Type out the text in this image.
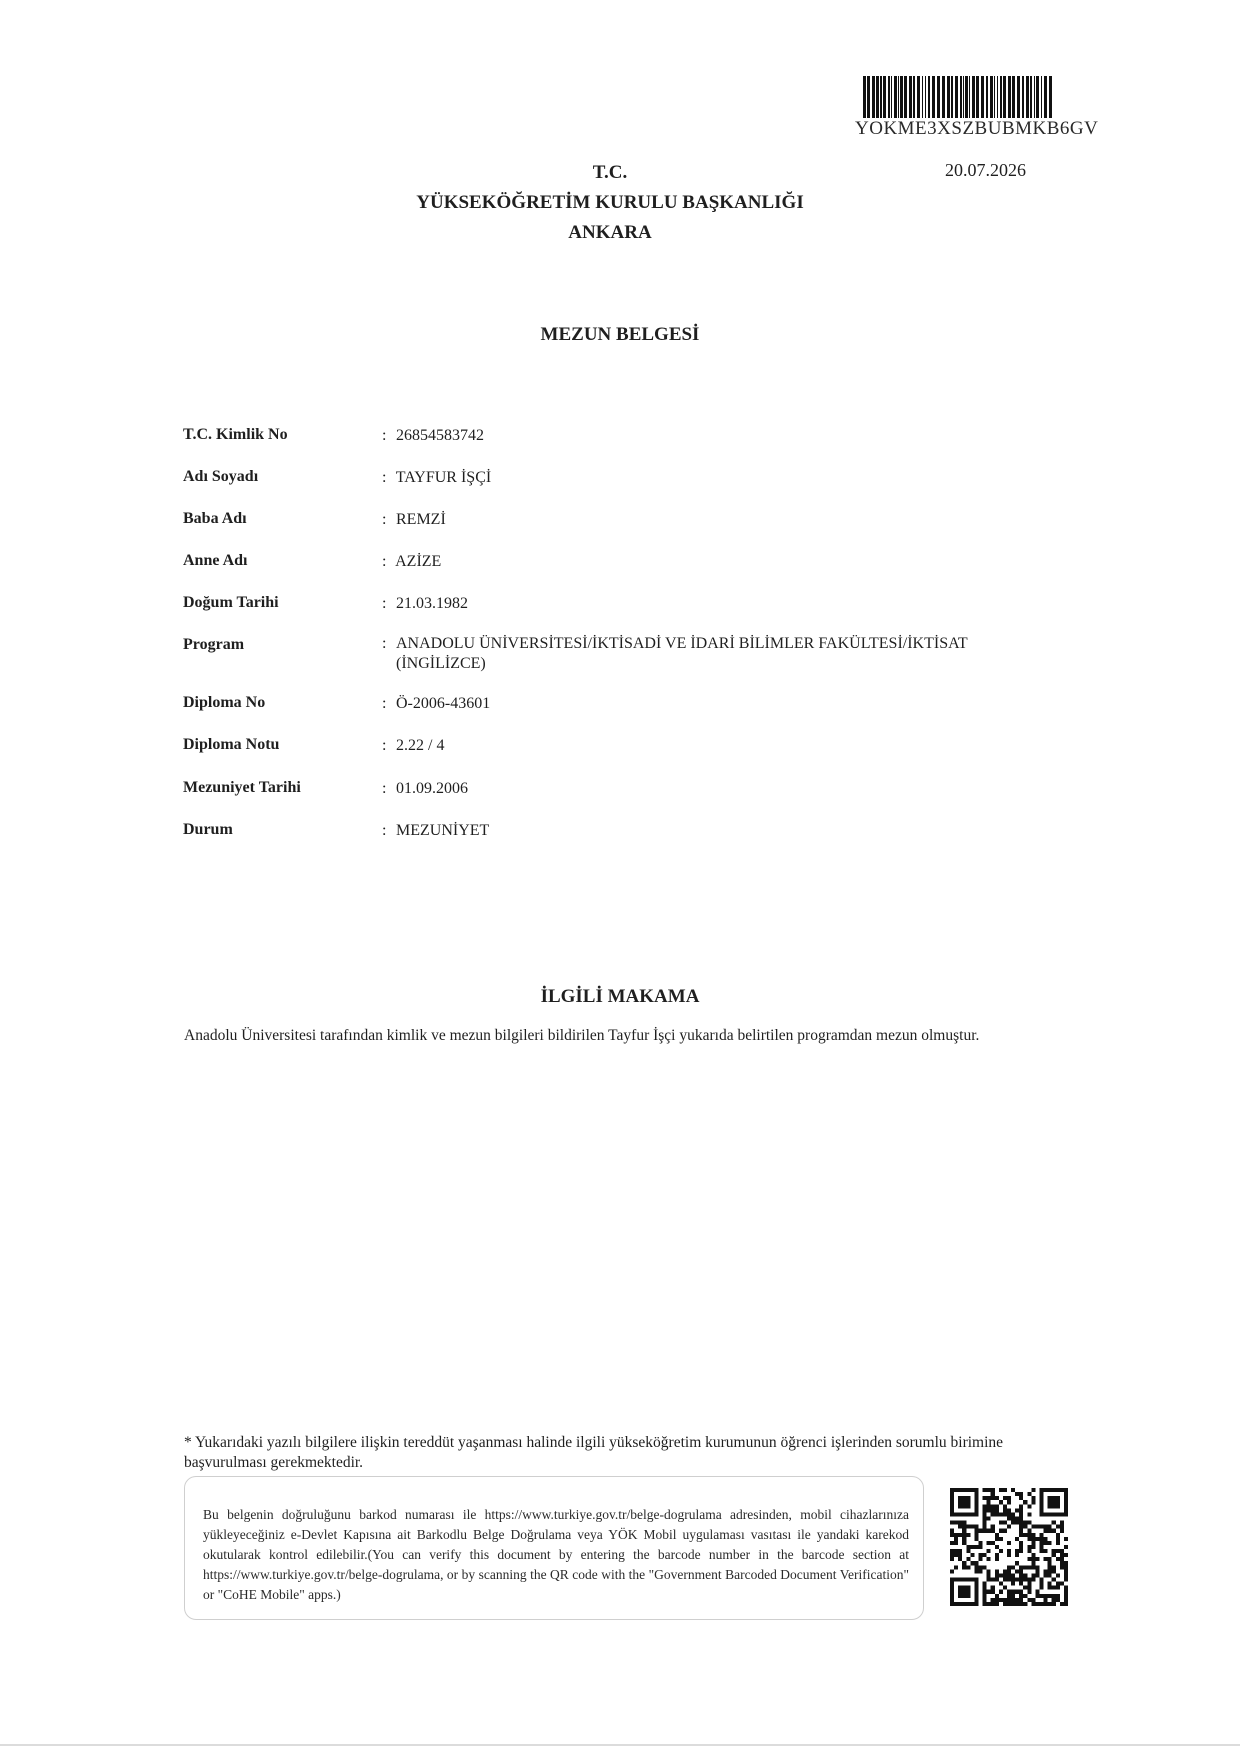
YOKME3XSZBUBMKB6GV
20.07.2026
T.C.
YÜKSEKÖĞRETİM KURULU BAŞKANLIĞI
ANKARA
MEZUN BELGESİ
T.C. Kimlik No	: 26854583742
Adı Soyadı	: TAYFUR İŞÇİ
Baba Adı	: REMZİ
Anne Adı	: AZİZE
Doğum Tarihi	: 21.03.1982
Program	: ANADOLU ÜNİVERSİTESİ/İKTİSADİ VE İDARİ BİLİMLER FAKÜLTESİ/İKTİSAT (İNGİLİZCE)
Diploma No	: Ö-2006-43601
Diploma Notu	: 2.22 / 4
Mezuniyet Tarihi	: 01.09.2006
Durum	: MEZUNİYET
İLGİLİ MAKAMA
Anadolu Üniversitesi tarafından kimlik ve mezun bilgileri bildirilen Tayfur İşçi yukarıda belirtilen programdan mezun olmuştur.
* Yukarıdaki yazılı bilgilere ilişkin tereddüt yaşanması halinde ilgili yükseköğretim kurumunun öğrenci işlerinden sorumlu birimine başvurulması gerekmektedir.
Bu belgenin doğruluğunu barkod numarası ile https://www.turkiye.gov.tr/belge-dogrulama adresinden, mobil cihazlarınıza yükleyeceğiniz e-Devlet Kapısına ait Barkodlu Belge Doğrulama veya YÖK Mobil uygulaması vasıtası ile yandaki karekod okutularak kontrol edilebilir.(You can verify this document by entering the barcode number in the barcode section at https://www.turkiye.gov.tr/belge-dogrulama, or by scanning the QR code with the "Government Barcoded Document Verification" or "CoHE Mobile" apps.)
